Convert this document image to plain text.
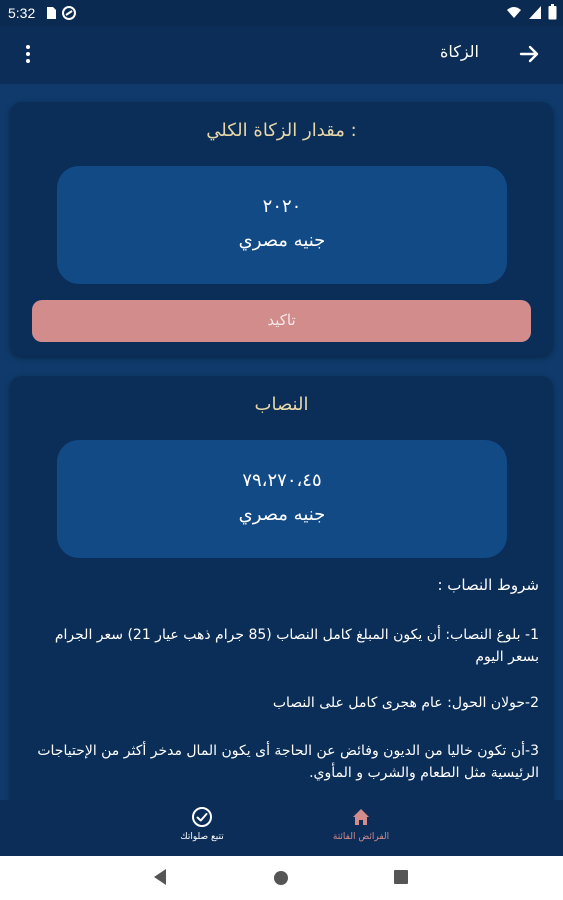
5:32
الزكاة
مقدار الزكاة الكلي :
٢٠٢٠
جنيه مصري
تاكيد
النصاب
٧٩،٢٧٠،٤٥
جنيه مصري
شروط النصاب :
1- بلوغ النصاب: أن يكون المبلغ كامل النصاب (85 جرام ذهب عيار 21) سعر الجرام بسعر اليوم
2-حولان الحول: عام هجرى كامل على النصاب
3-أن تكون خاليا من الديون وفائض عن الحاجة أى يكون المال مدخر أكثر من الإحتياجات الرئيسية مثل الطعام والشرب و المأوي.
تتبع صلواتك	الفرائض الفائتة
